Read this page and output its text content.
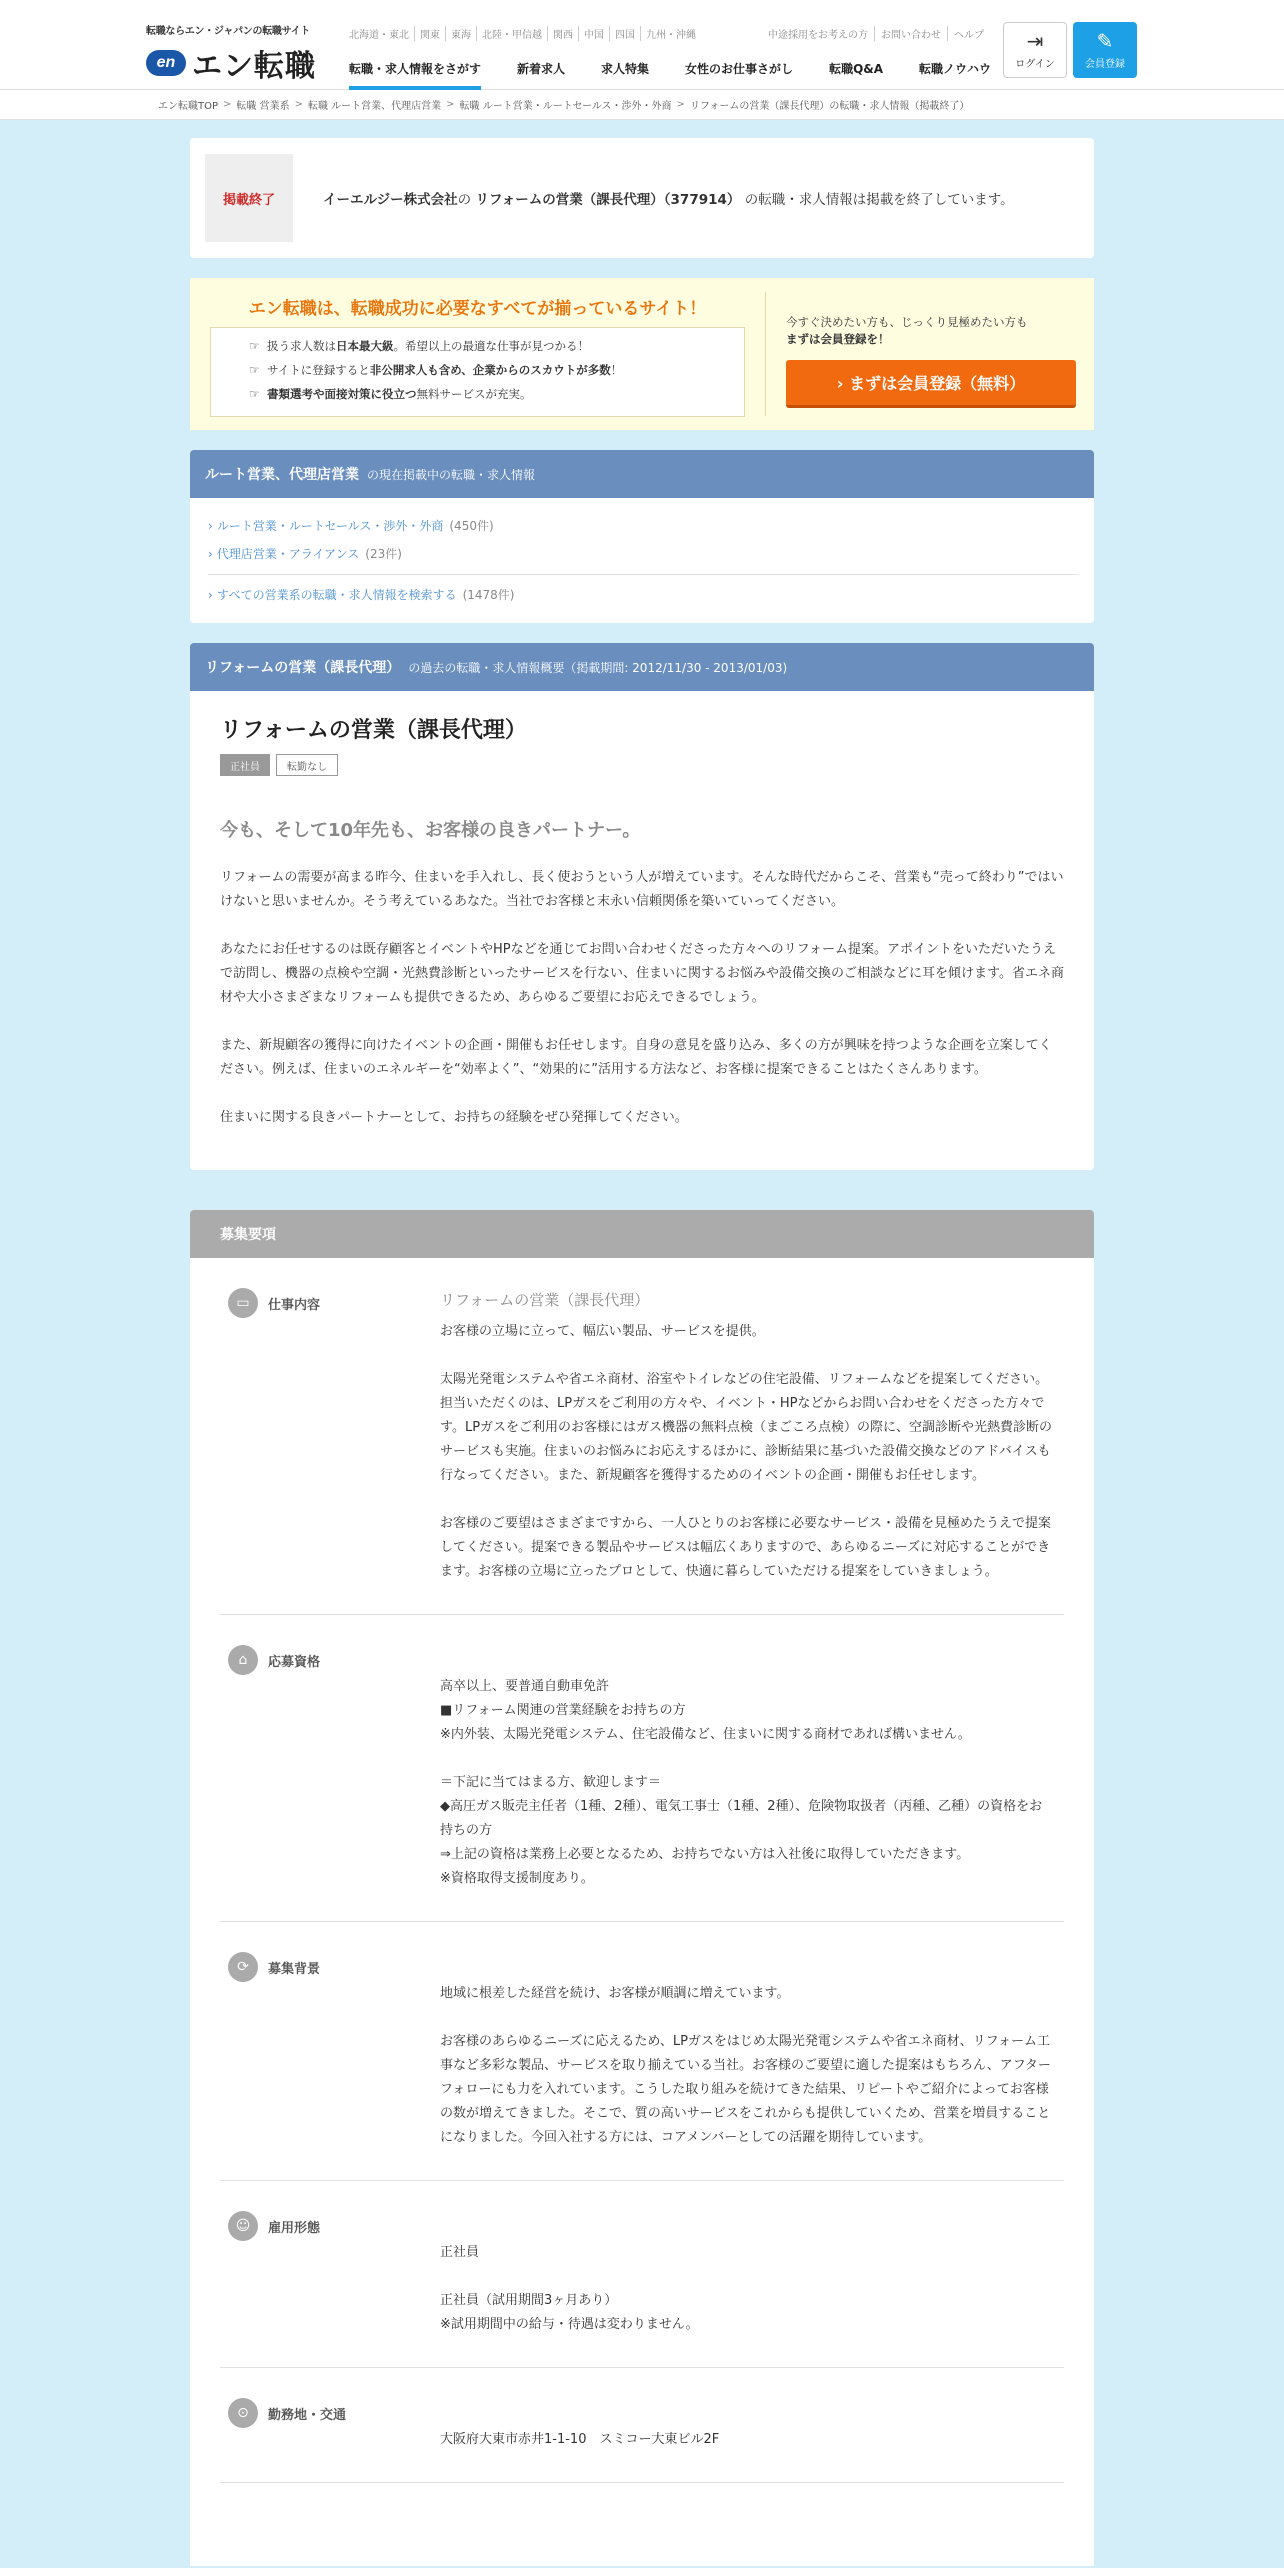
転職ならエン・ジャパンの転職サイト
en エン転職
北海道・東北	関東	東海	北陸・甲信越	関西	中国	四国	九州・沖縄	中途採用をお考えの方	お問い合わせ	ヘルプ
転職・求人情報をさがす	新着求人	求人特集	女性のお仕事さがし	転職Q&A	転職ノウハウ
⇥
ログイン
✎
会員登録
エン転職TOP > 転職 営業系 > 転職 ルート営業、代理店営業 > 転職 ルート営業・ルートセールス・渉外・外商 > リフォームの営業（課長代理）の転職・求人情報（掲載終了）
掲載終了	イーエルジー株式会社の リフォームの営業（課長代理）（377914） の転職・求人情報は掲載を終了しています。
エン転職は、転職成功に必要なすべてが揃っているサイト！
☞ 扱う求人数は日本最大級。希望以上の最適な仕事が見つかる！
☞ サイトに登録すると非公開求人も含め、企業からのスカウトが多数！
☞ 書類選考や面接対策に役立つ無料サービスが充実。

今すぐ決めたい方も、じっくり見極めたい方も

まずは会員登録を！

› まずは会員登録（無料）
ルート営業、代理店営業 の現在掲載中の転職・求人情報
› ルート営業・ルートセールス・渉外・外商 (450件)
› 代理店営業・アライアンス (23件)
› すべての営業系の転職・求人情報を検索する (1478件)
リフォームの営業（課長代理） の過去の転職・求人情報概要（掲載期間: 2012/11/30 - 2013/01/03)
リフォームの営業（課長代理）
正社員	転勤なし
今も、そして10年先も、お客様の良きパートナー。

リフォームの需要が高まる昨今、住まいを手入れし、長く使おうという人が増えています。そんな時代だからこそ、営業も“売って終わり”ではいけないと思いませんか。そう考えているあなた。当社でお客様と末永い信頼関係を築いていってください。

あなたにお任せするのは既存顧客とイベントやHPなどを通じてお問い合わせくださった方々へのリフォーム提案。アポイントをいただいたうえで訪問し、機器の点検や空調・光熱費診断といったサービスを行ない、住まいに関するお悩みや設備交換のご相談などに耳を傾けます。省エネ商材や大小さまざまなリフォームも提供できるため、あらゆるご要望にお応えできるでしょう。

また、新規顧客の獲得に向けたイベントの企画・開催もお任せします。自身の意見を盛り込み、多くの方が興味を持つような企画を立案してください。例えば、住まいのエネルギーを“効率よく”、“効果的に”活用する方法など、お客様に提案できることはたくさんあります。

住まいに関する良きパートナーとして、お持ちの経験をぜひ発揮してください。

募集要項
▭	仕事内容	リフォームの営業（課長代理）
お客様の立場に立って、幅広い製品、サービスを提供。
太陽光発電システムや省エネ商材、浴室やトイレなどの住宅設備、リフォームなどを提案してください。担当いただくのは、LPガスをご利用の方々や、イベント・HPなどからお問い合わせをくださった方々です。LPガスをご利用のお客様にはガス機器の無料点検（まごころ点検）の際に、空調診断や光熱費診断のサービスも実施。住まいのお悩みにお応えするほかに、診断結果に基づいた設備交換などのアドバイスも行なってください。また、新規顧客を獲得するためのイベントの企画・開催もお任せします。
お客様のご要望はさまざまですから、一人ひとりのお客様に必要なサービス・設備を見極めたうえで提案してください。提案できる製品やサービスは幅広くありますので、あらゆるニーズに対応することができます。お客様の立場に立ったプロとして、快適に暮らしていただける提案をしていきましょう。
⌂	応募資格
高卒以上、要普通自動車免許
■リフォーム関連の営業経験をお持ちの方
※内外装、太陽光発電システム、住宅設備など、住まいに関する商材であれば構いません。
＝下記に当てはまる方、歓迎します＝
◆高圧ガス販売主任者（1種、2種）、電気工事士（1種、2種）、危険物取扱者（丙種、乙種）の資格をお持ちの方
⇒上記の資格は業務上必要となるため、お持ちでない方は入社後に取得していただきます。
※資格取得支援制度あり。
⟳	募集背景
地域に根差した経営を続け、お客様が順調に増えています。
お客様のあらゆるニーズに応えるため、LPガスをはじめ太陽光発電システムや省エネ商材、リフォーム工事など多彩な製品、サービスを取り揃えている当社。お客様のご要望に適した提案はもちろん、アフターフォローにも力を入れています。こうした取り組みを続けてきた結果、リピートやご紹介によってお客様の数が増えてきました。そこで、質の高いサービスをこれからも提供していくため、営業を増員することになりました。今回入社する方には、コアメンバーとしての活躍を期待しています。
☺	雇用形態
正社員
正社員（試用期間3ヶ月あり）
※試用期間中の給与・待遇は変わりません。
⊙	勤務地・交通
大阪府大東市赤井1-1-10　スミコー大東ビル2F
